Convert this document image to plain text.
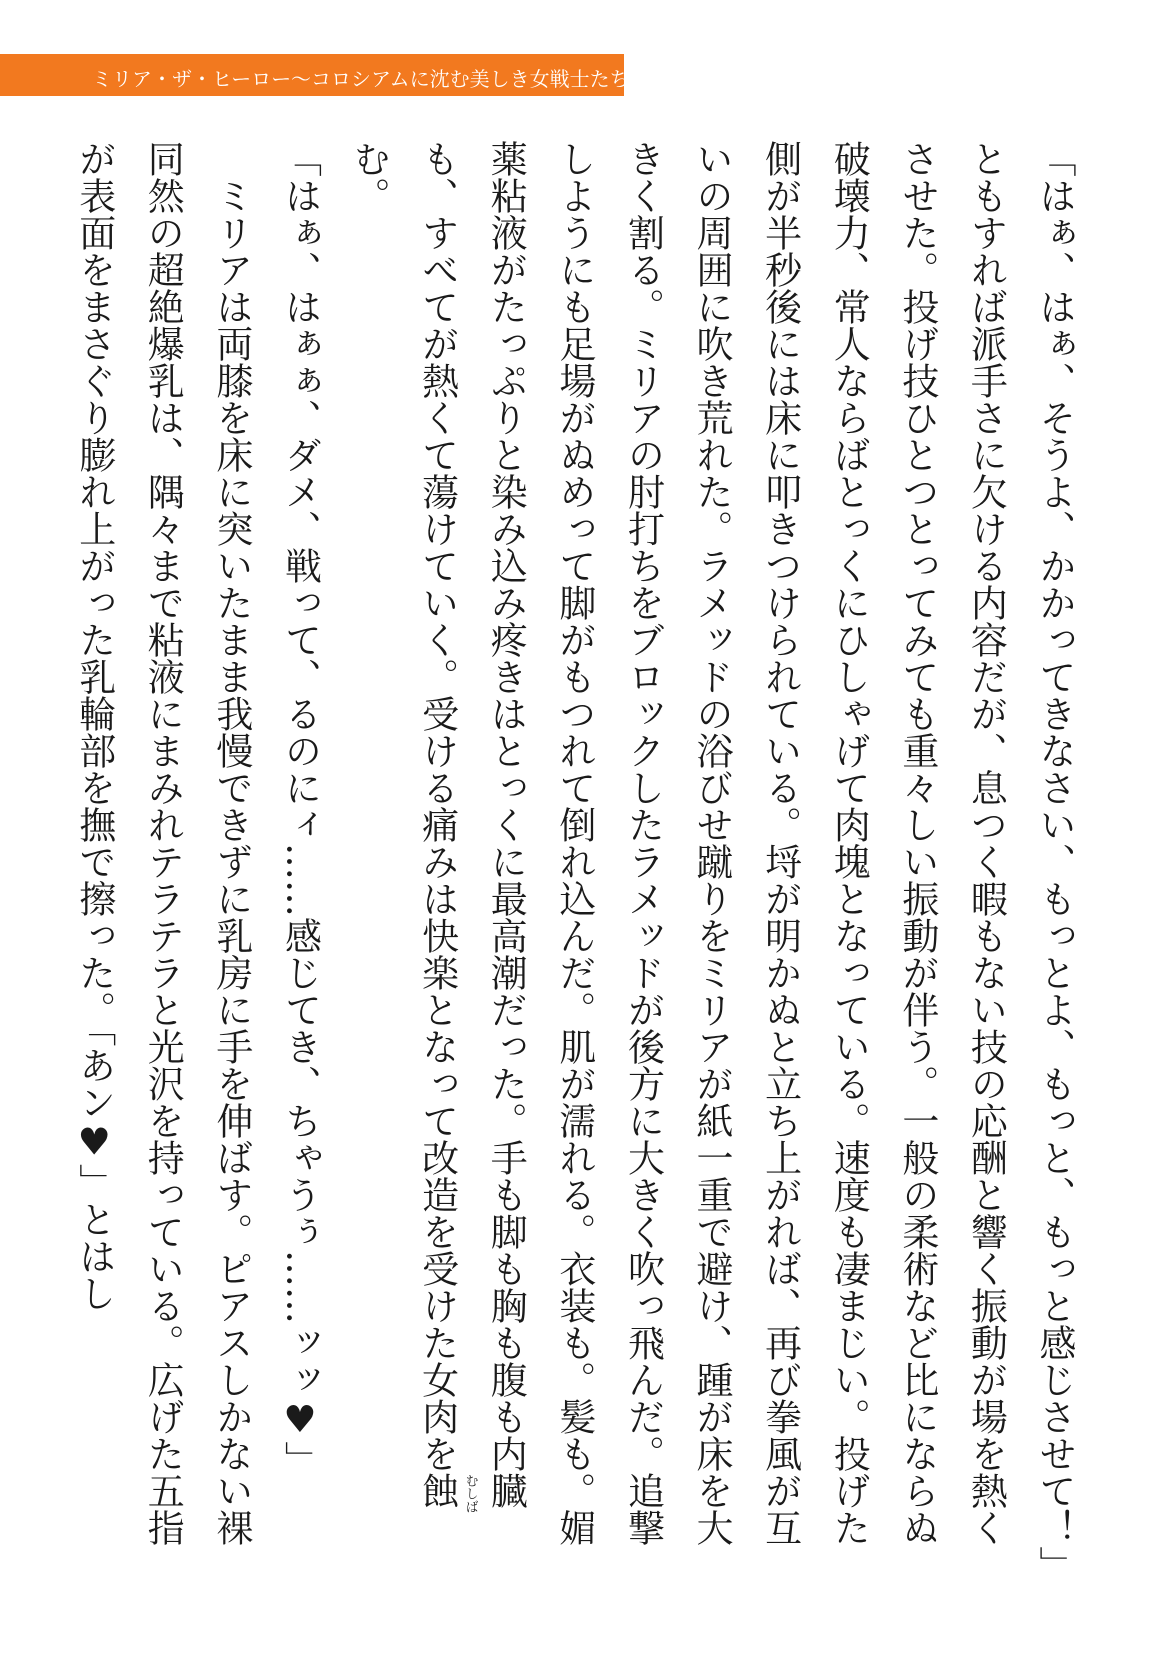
ミリア・ザ・ヒーロー 〜コロシアムに沈む美しき女戦士たち〜

「はぁ、はぁ、そうよ、かかってきなさい、もっとよ、もっと、もっと感じさせて！」

ともすれば派手さに欠ける内容だが、息つく暇もない技の応酬と響く振動が場を熱くさせた。投げ技ひとつとってみても重々しい振動が伴う。一般の柔術など比にならぬ破壊力、常人ならばとっくにひしゃげて肉塊となっている。速度も凄まじい。投げた側が半秒後には床に叩きつけられている。埒が明かぬと立ち上がれば、再び拳風が互いの周囲に吹き荒れた。ラメッドの浴びせ蹴りをミリアが紙一重で避け、踵が床を大きく割る。ミリアの肘打ちをブロックしたラメッドが後方に大きく吹っ飛んだ。追撃しようにも足場がぬめって脚がもつれて倒れ込んだ。肌が濡れる。衣装も。髪も。媚薬粘液がたっぷりと染み込み疼きはとっくに最高潮だった。手も脚も胸も腹も内臓も、すべてが熱くて蕩けていく。受ける痛みは快楽となって改造を受けた女肉を蝕 むしば
む。

「はぁ、はぁぁ、ダメ、戦って、るのにィ……感じてき、ちゃうぅ……ッッ♥」

　ミリアは両膝を床に突いたまま我慢できずに乳房に手を伸ばす。ピアスしかない裸同然の超絶爆乳は、隅々まで粘液にまみれテラテラと光沢を持っている。広げた五指が表面をまさぐり膨れ上がった乳輪部を撫で擦った。「あン♥」とはし
